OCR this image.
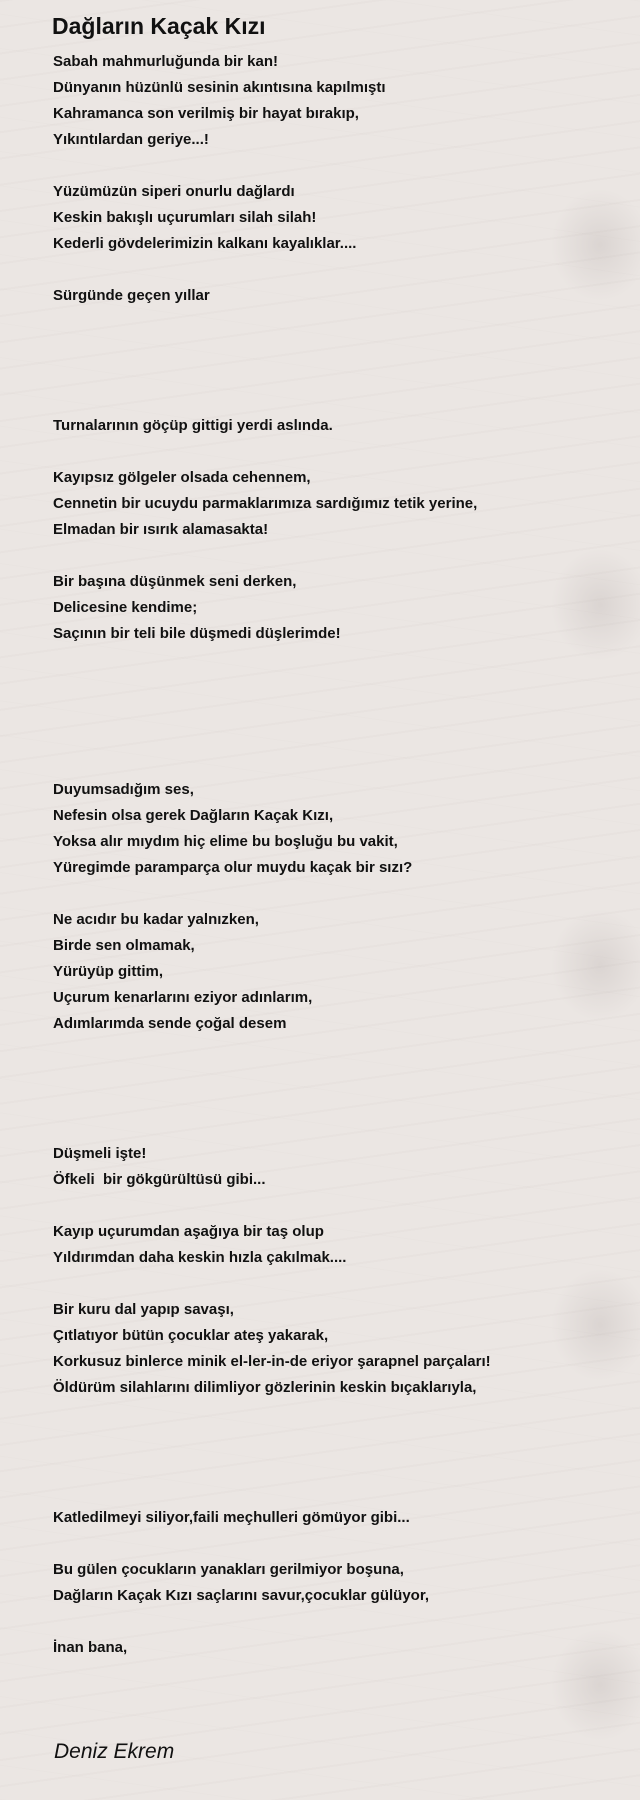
Dağların Kaçak Kızı
Sabah mahmurluğunda bir kan!
Dünyanın hüzünlü sesinin akıntısına kapılmıştı
Kahramanca son verilmiş bir hayat bırakıp,
Yıkıntılardan geriye...!
Yüzümüzün siperi onurlu dağlardı
Keskin bakışlı uçurumları silah silah!
Kederli gövdelerimizin kalkanı kayalıklar....
Sürgünde geçen yıllar
Turnalarının göçüp gittigi yerdi aslında.
Kayıpsız gölgeler olsada cehennem,
Cennetin bir ucuydu parmaklarımıza sardığımız tetik yerine,
Elmadan bir ısırık alamasakta!
Bir başına düşünmek seni derken,
Delicesine kendime;
Saçının bir teli bile düşmedi düşlerimde!
Duyumsadığım ses,
Nefesin olsa gerek Dağların Kaçak Kızı,
Yoksa alır mıydım hiç elime bu boşluğu bu vakit,
Yüregimde paramparça olur muydu kaçak bir sızı?
Ne acıdır bu kadar yalnızken,
Birde sen olmamak,
Yürüyüp gittim,
Uçurum kenarlarını eziyor adınlarım,
Adımlarımda sende çoğal desem
Düşmeli işte!
Öfkeli  bir gökgürültüsü gibi...
Kayıp uçurumdan aşağıya bir taş olup
Yıldırımdan daha keskin hızla çakılmak....
Bir kuru dal yapıp savaşı,
Çıtlatıyor bütün çocuklar ateş yakarak,
Korkusuz binlerce minik el-ler-in-de eriyor şarapnel parçaları!
Öldürüm silahlarını dilimliyor gözlerinin keskin bıçaklarıyla,
Katledilmeyi siliyor,faili meçhulleri gömüyor gibi...
Bu gülen çocukların yanakları gerilmiyor boşuna,
Dağların Kaçak Kızı saçlarını savur,çocuklar gülüyor,
İnan bana,
Deniz Ekrem
